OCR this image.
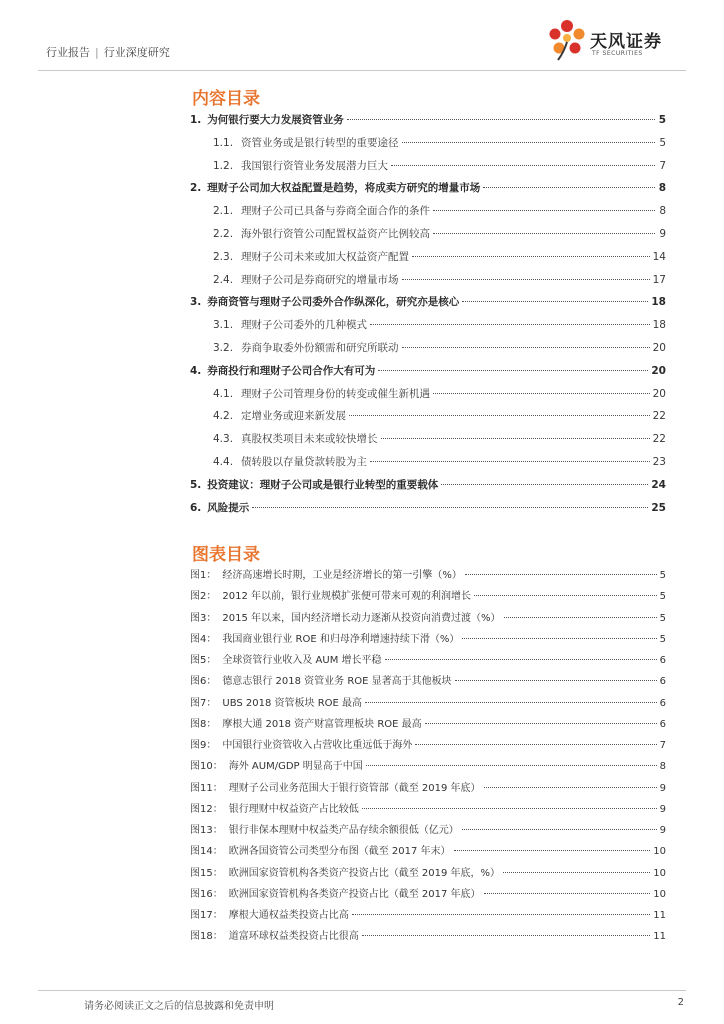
行业报告 | 行业深度研究
天风证券
TF SECURITIES
内容目录
1. 为何银行要大力发展资管业务	5
1.1. 资管业务或是银行转型的重要途径	5
1.2. 我国银行资管业务发展潜力巨大	7
2. 理财子公司加大权益配置是趋势，将成卖方研究的增量市场	8
2.1. 理财子公司已具备与券商全面合作的条件	8
2.2. 海外银行资管公司配置权益资产比例较高	9
2.3. 理财子公司未来或加大权益资产配置	14
2.4. 理财子公司是券商研究的增量市场	17
3. 券商资管与理财子公司委外合作纵深化，研究亦是核心	18
3.1. 理财子公司委外的几种模式	18
3.2. 券商争取委外份额需和研究所联动	20
4. 券商投行和理财子公司合作大有可为	20
4.1. 理财子公司管理身份的转变或催生新机遇	20
4.2. 定增业务或迎来新发展	22
4.3. 真股权类项目未来或较快增长	22
4.4. 债转股以存量贷款转股为主	23
5. 投资建议：理财子公司或是银行业转型的重要载体	24
6. 风险提示	25
图表目录
图1： 经济高速增长时期，工业是经济增长的第一引擎（%）	5
图2： 2012 年以前，银行业规模扩张便可带来可观的利润增长	5
图3： 2015 年以来，国内经济增长动力逐渐从投资向消费过渡（%）	5
图4： 我国商业银行业 ROE 和归母净利增速持续下滑（%）	5
图5： 全球资管行业收入及 AUM 增长平稳	6
图6： 德意志银行 2018 资管业务 ROE 显著高于其他板块	6
图7： UBS 2018 资管板块 ROE 最高	6
图8： 摩根大通 2018 资产财富管理板块 ROE 最高	6
图9： 中国银行业资管收入占营收比重远低于海外	7
图10： 海外 AUM/GDP 明显高于中国	8
图11： 理财子公司业务范围大于银行资管部（截至 2019 年底）	9
图12： 银行理财中权益资产占比较低	9
图13： 银行非保本理财中权益类产品存续余额很低（亿元）	9
图14： 欧洲各国资管公司类型分布图（截至 2017 年末）	10
图15： 欧洲国家资管机构各类资产投资占比（截至 2019 年底，%）	10
图16： 欧洲国家资管机构各类资产投资占比（截至 2017 年底）	10
图17： 摩根大通权益类投资占比高	11
图18： 道富环球权益类投资占比很高	11
请务必阅读正文之后的信息披露和免责申明	2
